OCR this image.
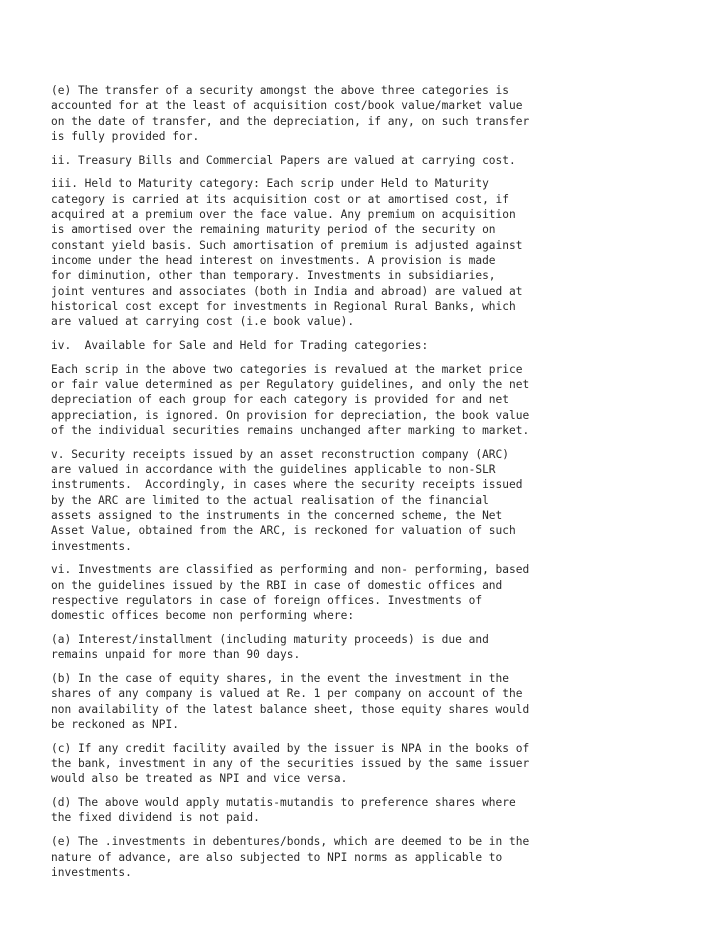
(e) The transfer of a security amongst the above three categories is
accounted for at the least of acquisition cost/book value/market value
on the date of transfer, and the depreciation, if any, on such transfer
is fully provided for.

ii. Treasury Bills and Commercial Papers are valued at carrying cost.

iii. Held to Maturity category: Each scrip under Held to Maturity
category is carried at its acquisition cost or at amortised cost, if
acquired at a premium over the face value. Any premium on acquisition
is amortised over the remaining maturity period of the security on
constant yield basis. Such amortisation of premium is adjusted against
income under the head interest on investments. A provision is made
for diminution, other than temporary. Investments in subsidiaries,
joint ventures and associates (both in India and abroad) are valued at
historical cost except for investments in Regional Rural Banks, which
are valued at carrying cost (i.e book value).

iv.  Available for Sale and Held for Trading categories:

Each scrip in the above two categories is revalued at the market price
or fair value determined as per Regulatory guidelines, and only the net
depreciation of each group for each category is provided for and net
appreciation, is ignored. On provision for depreciation, the book value
of the individual securities remains unchanged after marking to market.

v. Security receipts issued by an asset reconstruction company (ARC)
are valued in accordance with the guidelines applicable to non-SLR
instruments.  Accordingly, in cases where the security receipts issued
by the ARC are limited to the actual realisation of the financial
assets assigned to the instruments in the concerned scheme, the Net
Asset Value, obtained from the ARC, is reckoned for valuation of such
investments.

vi. Investments are classified as performing and non- performing, based
on the guidelines issued by the RBI in case of domestic offices and
respective regulators in case of foreign offices. Investments of
domestic offices become non performing where:

(a) Interest/installment (including maturity proceeds) is due and
remains unpaid for more than 90 days.

(b) In the case of equity shares, in the event the investment in the
shares of any company is valued at Re. 1 per company on account of the
non availability of the latest balance sheet, those equity shares would
be reckoned as NPI.

(c) If any credit facility availed by the issuer is NPA in the books of
the bank, investment in any of the securities issued by the same issuer
would also be treated as NPI and vice versa.

(d) The above would apply mutatis-mutandis to preference shares where
the fixed dividend is not paid.

(e) The .investments in debentures/bonds, which are deemed to be in the
nature of advance, are also subjected to NPI norms as applicable to
investments.
